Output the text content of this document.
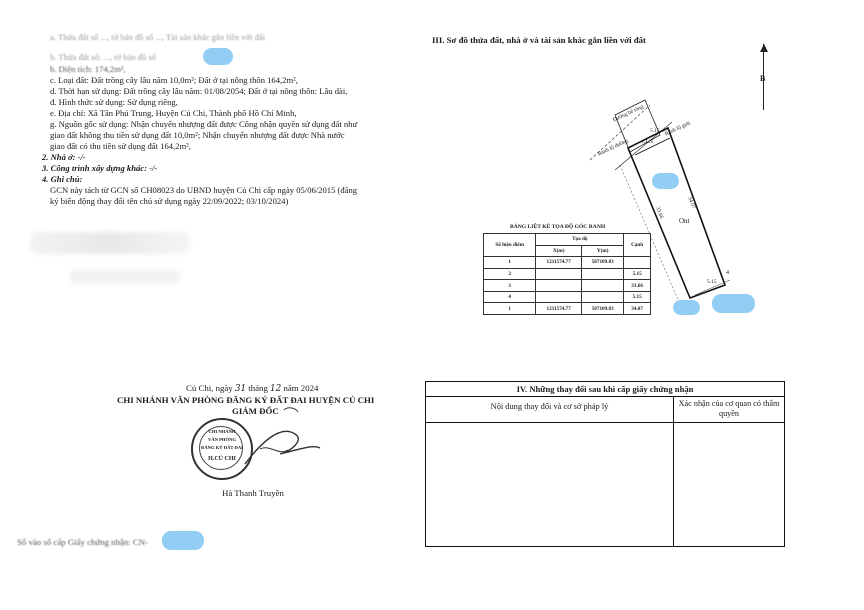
a. Thửa đất số ..., tờ bản đồ số ..., Tài sản khác gắn liền với đất
b. Thửa đất số: ..., tờ bản đồ số
b. Diện tích: 174,2m²,
c. Loại đất: Đất trồng cây lâu năm 10,0m²; Đất ở tại nông thôn 164,2m²,
d. Thời hạn sử dụng: Đất trồng cây lâu năm: 01/08/2054; Đất ở tại nông thôn: Lâu dài,
đ. Hình thức sử dụng: Sử dụng riêng,
e. Địa chỉ: Xã Tân Phú Trung, Huyện Củ Chi, Thành phố Hồ Chí Minh,
g. Nguồn gốc sử dụng: Nhận chuyển nhượng đất được Công nhận quyền sử dụng đất như
giao đất không thu tiền sử dụng đất 10,0m²; Nhận chuyển nhượng đất được Nhà nước
giao đất có thu tiền sử dụng đất 164,2m²,
2. Nhà ở: -/-
3. Công trình xây dựng khác: -/-
4. Ghi chú:
GCN này tách từ GCN số CH08023 do UBND huyện Củ Chi cấp ngày 05/06/2015 (đăng
ký biến động thay đổi tên chủ sử dụng ngày 22/09/2022; 03/10/2024)
Củ Chi, ngày 31 tháng 12 năm 2024
CHI NHÁNH VĂN PHÒNG ĐĂNG KÝ ĐẤT ĐAI HUYỆN CỦ CHI
GIÁM ĐỐC
CHI NHÁNH
VĂN PHÒNG
ĐĂNG KÝ ĐẤT ĐAI
H.CỦ CHI
Hà Thanh Truyền
Số vào sổ cấp Giấy chứng nhận: CN-
III. Sơ đồ thửa đất, nhà ở và tài sản khác gắn liền với đất
B
Đường bê tông
Ranh lộ giới
Ranh lộ đường
5.15
CLN
Ont
34.07
33.66
5.15
4
BẢNG LIỆT KÊ TỌA ĐỘ GÓC RANH
Số hiệu điểm	Tọa độ		Cạnh
	X(m)	Y(m)	
1	1211574.77	587109.83	
2			5.15
3			33.66
4			5.15
1	1211574.77	587109.83	34.07
IV. Những thay đổi sau khi cấp giấy chứng nhận
Nội dung thay đổi và cơ sở pháp lý	Xác nhận của cơ quan có thẩm quyền
